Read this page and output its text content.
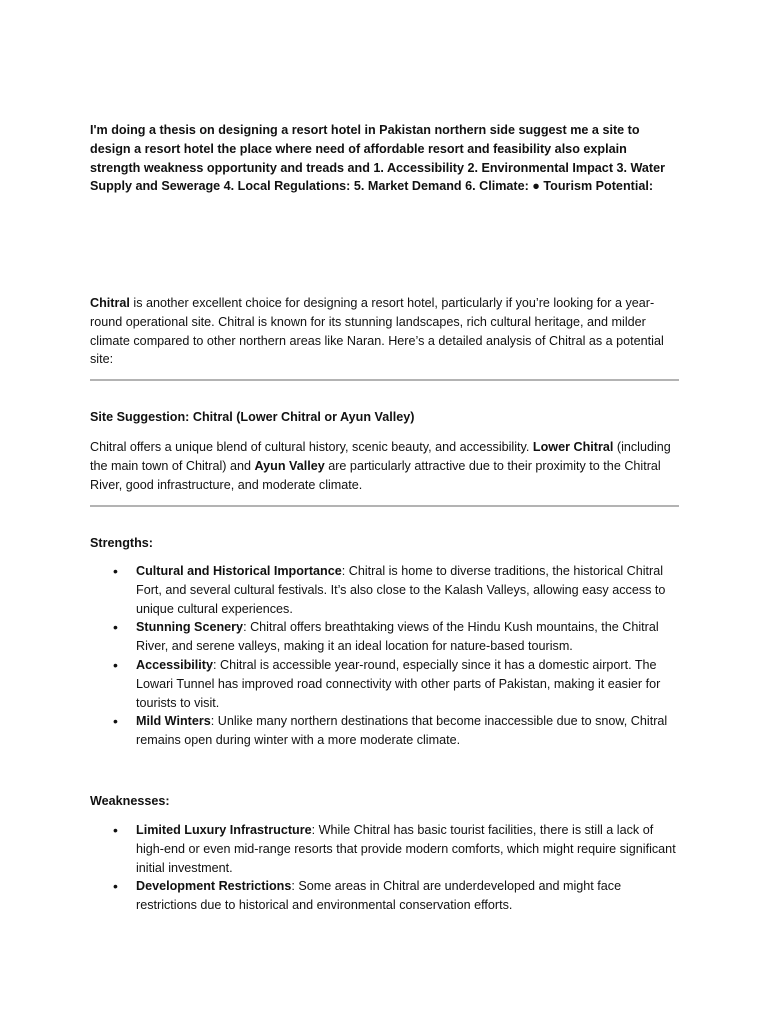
I'm doing a thesis on designing a resort hotel in Pakistan northern side suggest me a site to design a resort hotel the place where need of affordable resort and feasibility also explain strength weakness opportunity and treads and 1. Accessibility 2. Environmental Impact 3. Water Supply and Sewerage 4. Local Regulations: 5. Market Demand 6. Climate: ● Tourism Potential:

Chitral is another excellent choice for designing a resort hotel, particularly if you’re looking for a year-round operational site. Chitral is known for its stunning landscapes, rich cultural heritage, and milder climate compared to other northern areas like Naran. Here’s a detailed analysis of Chitral as a potential site:

Site Suggestion: Chitral (Lower Chitral or Ayun Valley)

Chitral offers a unique blend of cultural history, scenic beauty, and accessibility. Lower Chitral (including the main town of Chitral) and Ayun Valley are particularly attractive due to their proximity to the Chitral River, good infrastructure, and moderate climate.

Strengths:

• Cultural and Historical Importance: Chitral is home to diverse traditions, the historical Chitral Fort, and several cultural festivals. It’s also close to the Kalash Valleys, allowing easy access to unique cultural experiences.
• Stunning Scenery: Chitral offers breathtaking views of the Hindu Kush mountains, the Chitral River, and serene valleys, making it an ideal location for nature-based tourism.
• Accessibility: Chitral is accessible year-round, especially since it has a domestic airport. The Lowari Tunnel has improved road connectivity with other parts of Pakistan, making it easier for tourists to visit.
• Mild Winters: Unlike many northern destinations that become inaccessible due to snow, Chitral remains open during winter with a more moderate climate.

Weaknesses:

• Limited Luxury Infrastructure: While Chitral has basic tourist facilities, there is still a lack of high-end or even mid-range resorts that provide modern comforts, which might require significant initial investment.
• Development Restrictions: Some areas in Chitral are underdeveloped and might face restrictions due to historical and environmental conservation efforts.
